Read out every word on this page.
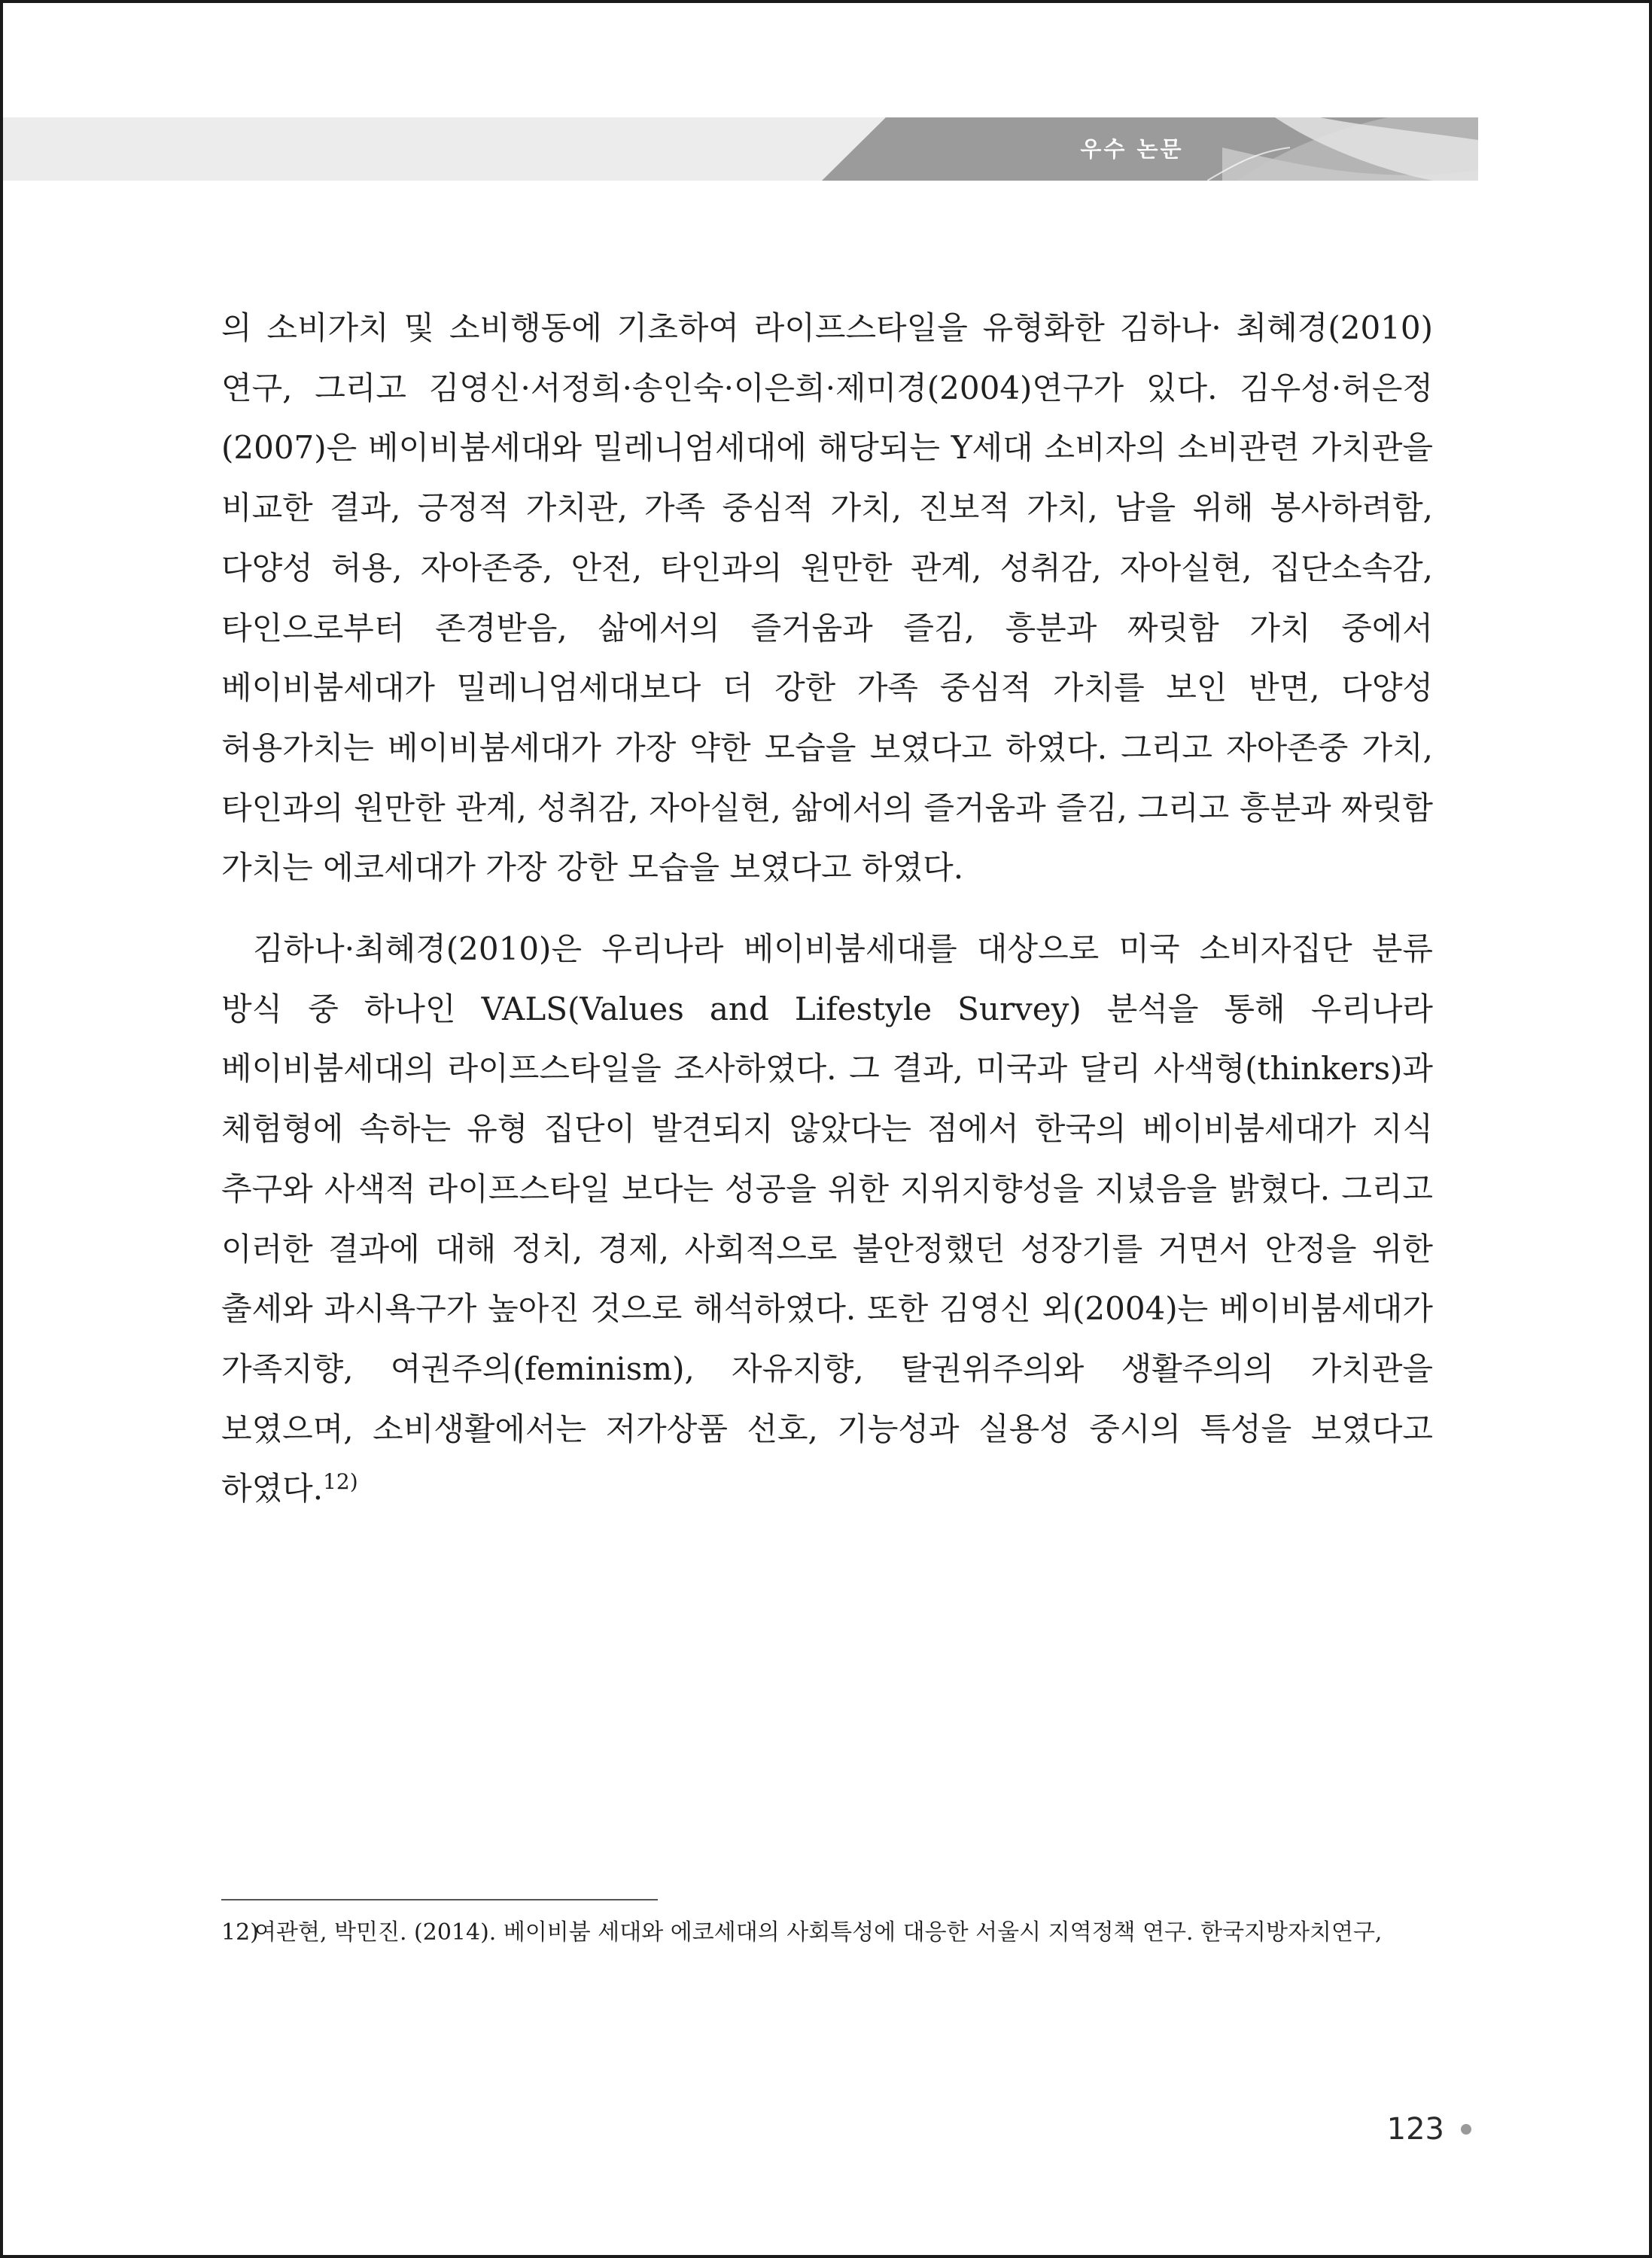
우수 논문

의 소비가치 및 소비행동에 기초하여 라이프스타일을 유형화한 김하나· 최혜경(2010) 연구, 그리고 김영신·서정희·송인숙·이은희·제미경(2004)연구가 있다. 김우성·허은정(2007)은 베이비붐세대와 밀레니엄세대에 해당되는 Y세대 소비자의 소비관련 가치관을 비교한 결과, 긍정적 가치관, 가족 중심적 가치, 진보적 가치, 남을 위해 봉사하려함, 다양성 허용, 자아존중, 안전, 타인과의 원만한 관계, 성취감, 자아실현, 집단소속감, 타인으로부터 존경받음, 삶에서의 즐거움과 즐김, 흥분과 짜릿함 가치 중에서 베이비붐세대가 밀레니엄세대보다 더 강한 가족 중심적 가치를 보인 반면, 다양성 허용가치는 베이비붐세대가 가장 약한 모습을 보였다고 하였다. 그리고 자아존중 가치, 타인과의 원만한 관계, 성취감, 자아실현, 삶에서의 즐거움과 즐김, 그리고 흥분과 짜릿함 가치는 에코세대가 가장 강한 모습을 보였다고 하였다.

김하나·최혜경(2010)은 우리나라 베이비붐세대를 대상으로 미국 소비자집단 분류 방식 중 하나인 VALS(Values and Lifestyle Survey) 분석을 통해 우리나라 베이비붐세대의 라이프스타일을 조사하였다. 그 결과, 미국과 달리 사색형(thinkers)과 체험형에 속하는 유형 집단이 발견되지 않았다는 점에서 한국의 베이비붐세대가 지식 추구와 사색적 라이프스타일 보다는 성공을 위한 지위지향성을 지녔음을 밝혔다. 그리고 이러한 결과에 대해 정치, 경제, 사회적으로 불안정했던 성장기를 거면서 안정을 위한 출세와 과시욕구가 높아진 것으로 해석하였다. 또한 김영신 외(2004)는 베이비붐세대가 가족지향, 여권주의(feminism), 자유지향, 탈권위주의와 생활주의의 가치관을 보였으며, 소비생활에서는 저가상품 선호, 기능성과 실용성 중시의 특성을 보였다고 하였다.$^{12)}$

12)
여관현, 박민진. (2014). 베이비붐 세대와 에코세대의 사회특성에 대응한 서울시 지역정책 연구. 한국지방자치연구,
123
